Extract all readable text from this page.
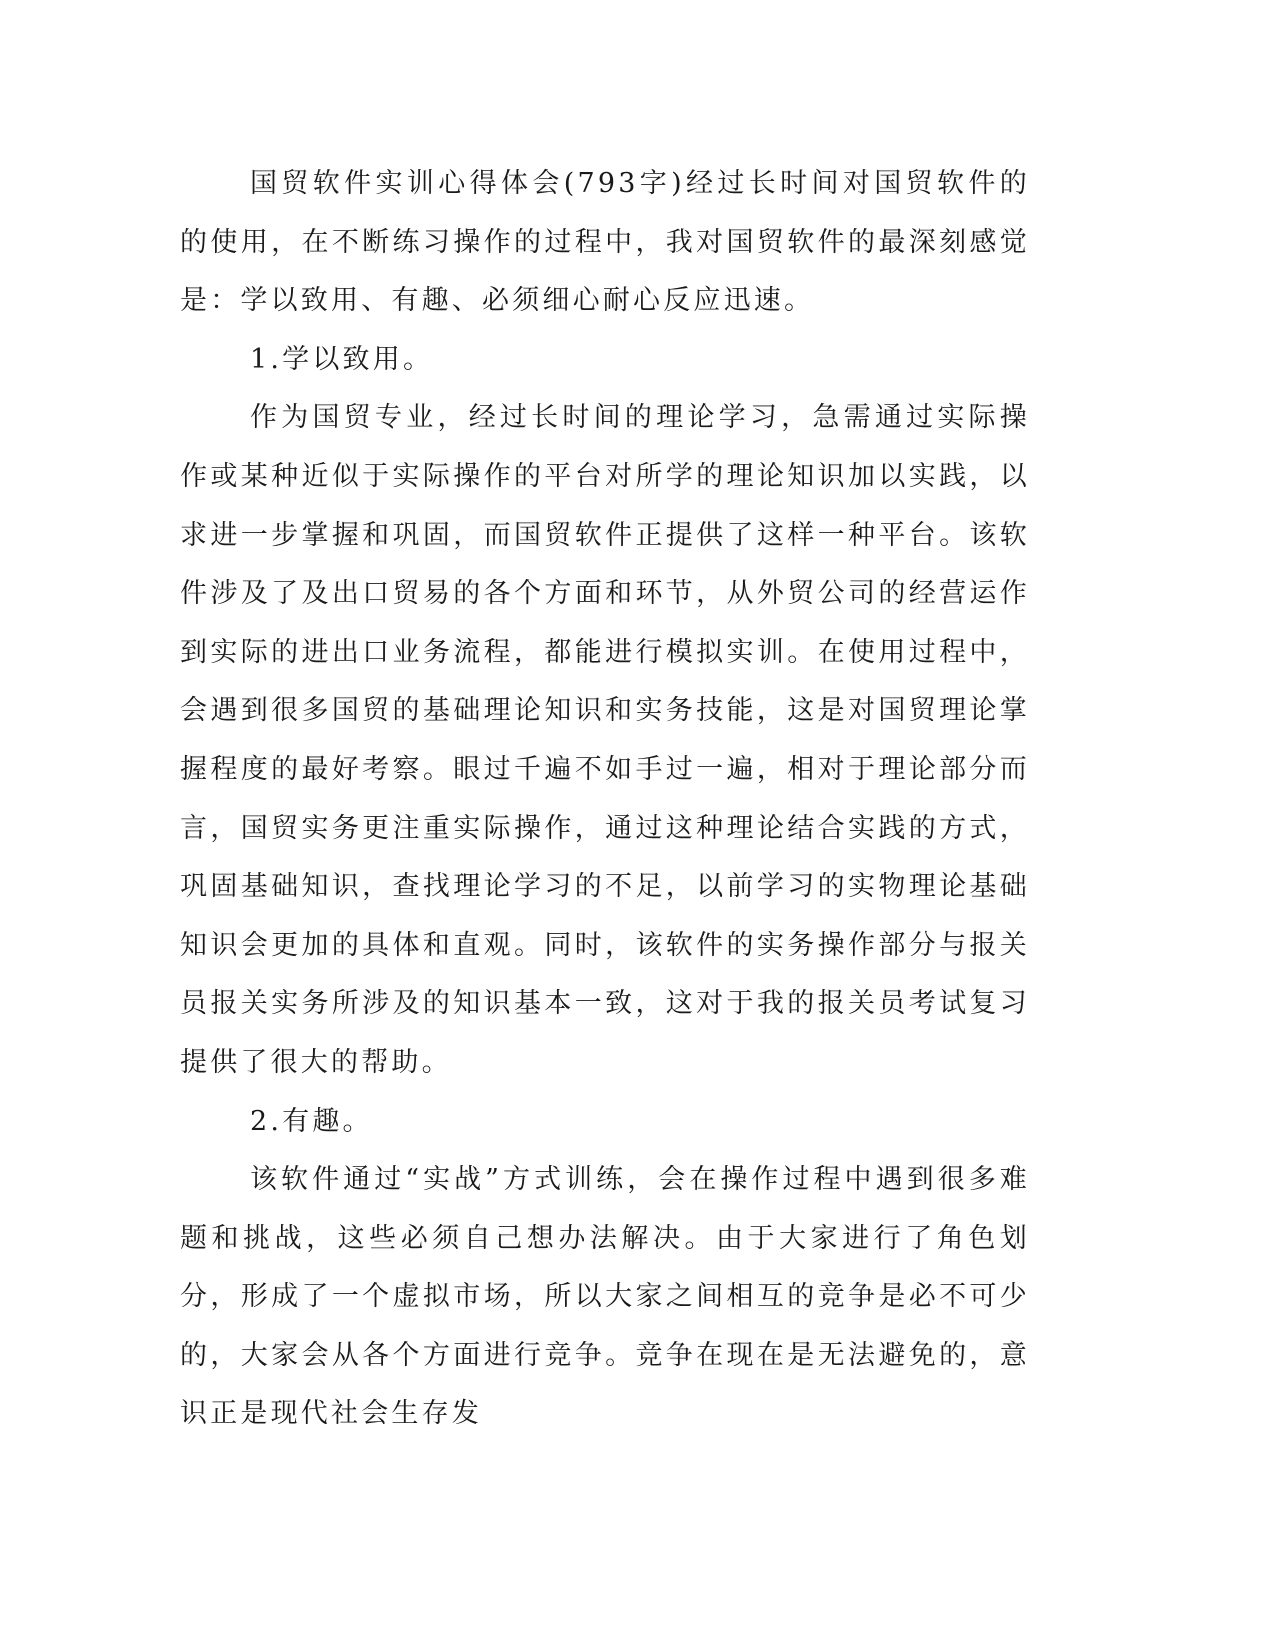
国贸软件实训心得体会(793字)经过长时间对国贸软件的的使用，在不断练习操作的过程中，我对国贸软件的最深刻感觉是：学以致用、有趣、必须细心耐心反应迅速。

1.学以致用。

作为国贸专业，经过长时间的理论学习，急需通过实际操作或某种近似于实际操作的平台对所学的理论知识加以实践，以求进一步掌握和巩固，而国贸软件正提供了这样一种平台。该软件涉及了及出口贸易的各个方面和环节，从外贸公司的经营运作到实际的进出口业务流程，都能进行模拟实训。在使用过程中，会遇到很多国贸的基础理论知识和实务技能，这是对国贸理论掌握程度的最好考察。眼过千遍不如手过一遍，相对于理论部分而言，国贸实务更注重实际操作，通过这种理论结合实践的方式，巩固基础知识，查找理论学习的不足，以前学习的实物理论基础知识会更加的具体和直观。同时，该软件的实务操作部分与报关员报关实务所涉及的知识基本一致，这对于我的报关员考试复习提供了很大的帮助。

2.有趣。

该软件通过“实战”方式训练，会在操作过程中遇到很多难题和挑战，这些必须自己想办法解决。由于大家进行了角色划分，形成了一个虚拟市场，所以大家之间相互的竞争是必不可少的，大家会从各个方面进行竞争。竞争在现在是无法避免的，意识正是现代社会生存发
